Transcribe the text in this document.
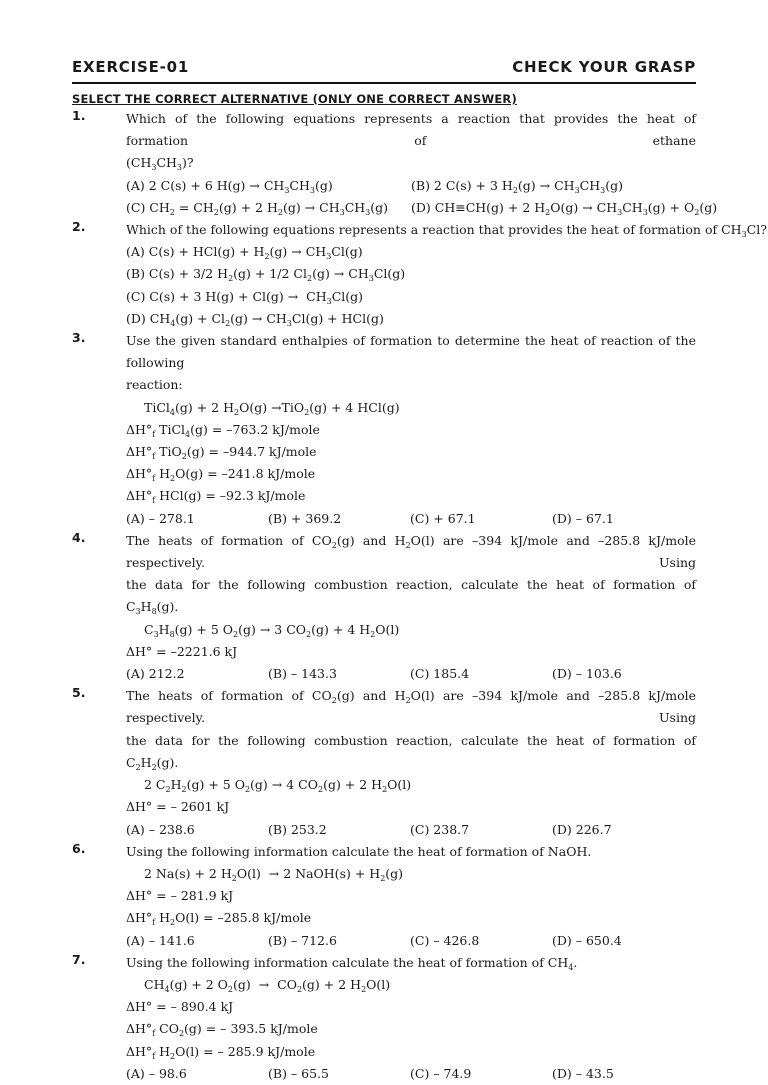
EXERCISE-01	CHECK YOUR GRASP
SELECT THE CORRECT ALTERNATIVE (ONLY ONE CORRECT ANSWER)
1.	Which of the following equations represents a reaction that provides the heat of formation of ethane
$(CH_3CH_3)$?
(A) 2 C(s) + 6 $H(g) \to CH_3CH_3(g)$	(B) 2 C(s) + 3 $H_2(g) \to CH_3CH_3(g)$
(C) $CH_2 = CH_2(g) + 2$ $H_2(g) \to CH_3CH_3(g)$	(D) CH≡CH(g) + 2 $H_2O(g) \to CH_3CH_3(g) + O_2(g)$
2.	Which of the following equations represents a reaction that provides the heat of formation of $CH_3Cl$?
(A) $C(s) + HCl(g) + H_2(g) \to CH_3Cl(g)$
(B) C(s) + 3/2 $H_2(g) + 1/2$ $Cl_2(g) \to CH_3Cl(g)$
(C) C(s) + 3 $H(g) + Cl(g) \to CH_3Cl(g)$
(D) $CH_4(g) + Cl_2(g) \to CH_3Cl(g) + HCl(g)$
3.	Use the given standard enthalpies of formation to determine the heat of reaction of the following
reaction:
TiCl$_4$(g) + 2 $H_2O(g) \to TiO_2(g) + 4$ HCl(g)
$\Delta H^\circ_f$ TiCl$_4$(g) = –763.2 kJ/mole
$\Delta H^\circ_f$ TiO$_2$(g) = –944.7 kJ/mole
$\Delta H^\circ_f$ $H_2O(g) = -241.8$ kJ/mole
$\Delta H^\circ_f$ HCl(g) = –92.3 kJ/mole
(A) – 278.1	(B) + 369.2	(C) + 67.1	(D) – 67.1
4.	The heats of formation of $CO_2(g)$ and $H_2O(l)$ are –394 kJ/mole and –285.8 kJ/mole respectively. Using
the data for the following combustion reaction, calculate the heat of formation of $C_3H_8(g)$.
$C_3H_8(g) + 5$ $O_2(g) \to 3$ $CO_2(g) + 4$ $H_2O(l)$
ΔH° = –2221.6 kJ
(A) 212.2	(B) – 143.3	(C) 185.4	(D) – 103.6
5.	The heats of formation of $CO_2(g)$ and $H_2O(l)$ are –394 kJ/mole and –285.8 kJ/mole respectively. Using
the data for the following combustion reaction, calculate the heat of formation of $C_2H_2(g)$.
2 $C_2H_2(g) + 5$ $O_2(g) \to 4$ $CO_2(g) + 2$ $H_2O(l)$
ΔH° = – 2601 kJ
(A) – 238.6	(B) 253.2	(C) 238.7	(D) 226.7
6.	Using the following information calculate the heat of formation of NaOH.
2 Na(s) + 2 $H_2O(l) \to 2$ NaOH(s) + $H_2(g)$
ΔH° = – 281.9 kJ
$\Delta H^\circ_f$ $H_2O(l) = -285.8$ kJ/mole
(A) – 141.6	(B) – 712.6	(C) – 426.8	(D) – 650.4
7.	Using the following information calculate the heat of formation of $CH_4$.
$CH_4(g) + 2$ $O_2(g) \to CO_2(g) + 2$ $H_2O(l)$
ΔH° = – 890.4 kJ
$\Delta H^\circ_f$ $CO_2(g)$ = – 393.5 kJ/mole
$\Delta H^\circ_f$ $H_2O(l)$ = – 285.9 kJ/mole
(A) – 98.6	(B) – 65.5	(C) – 74.9	(D) – 43.5
